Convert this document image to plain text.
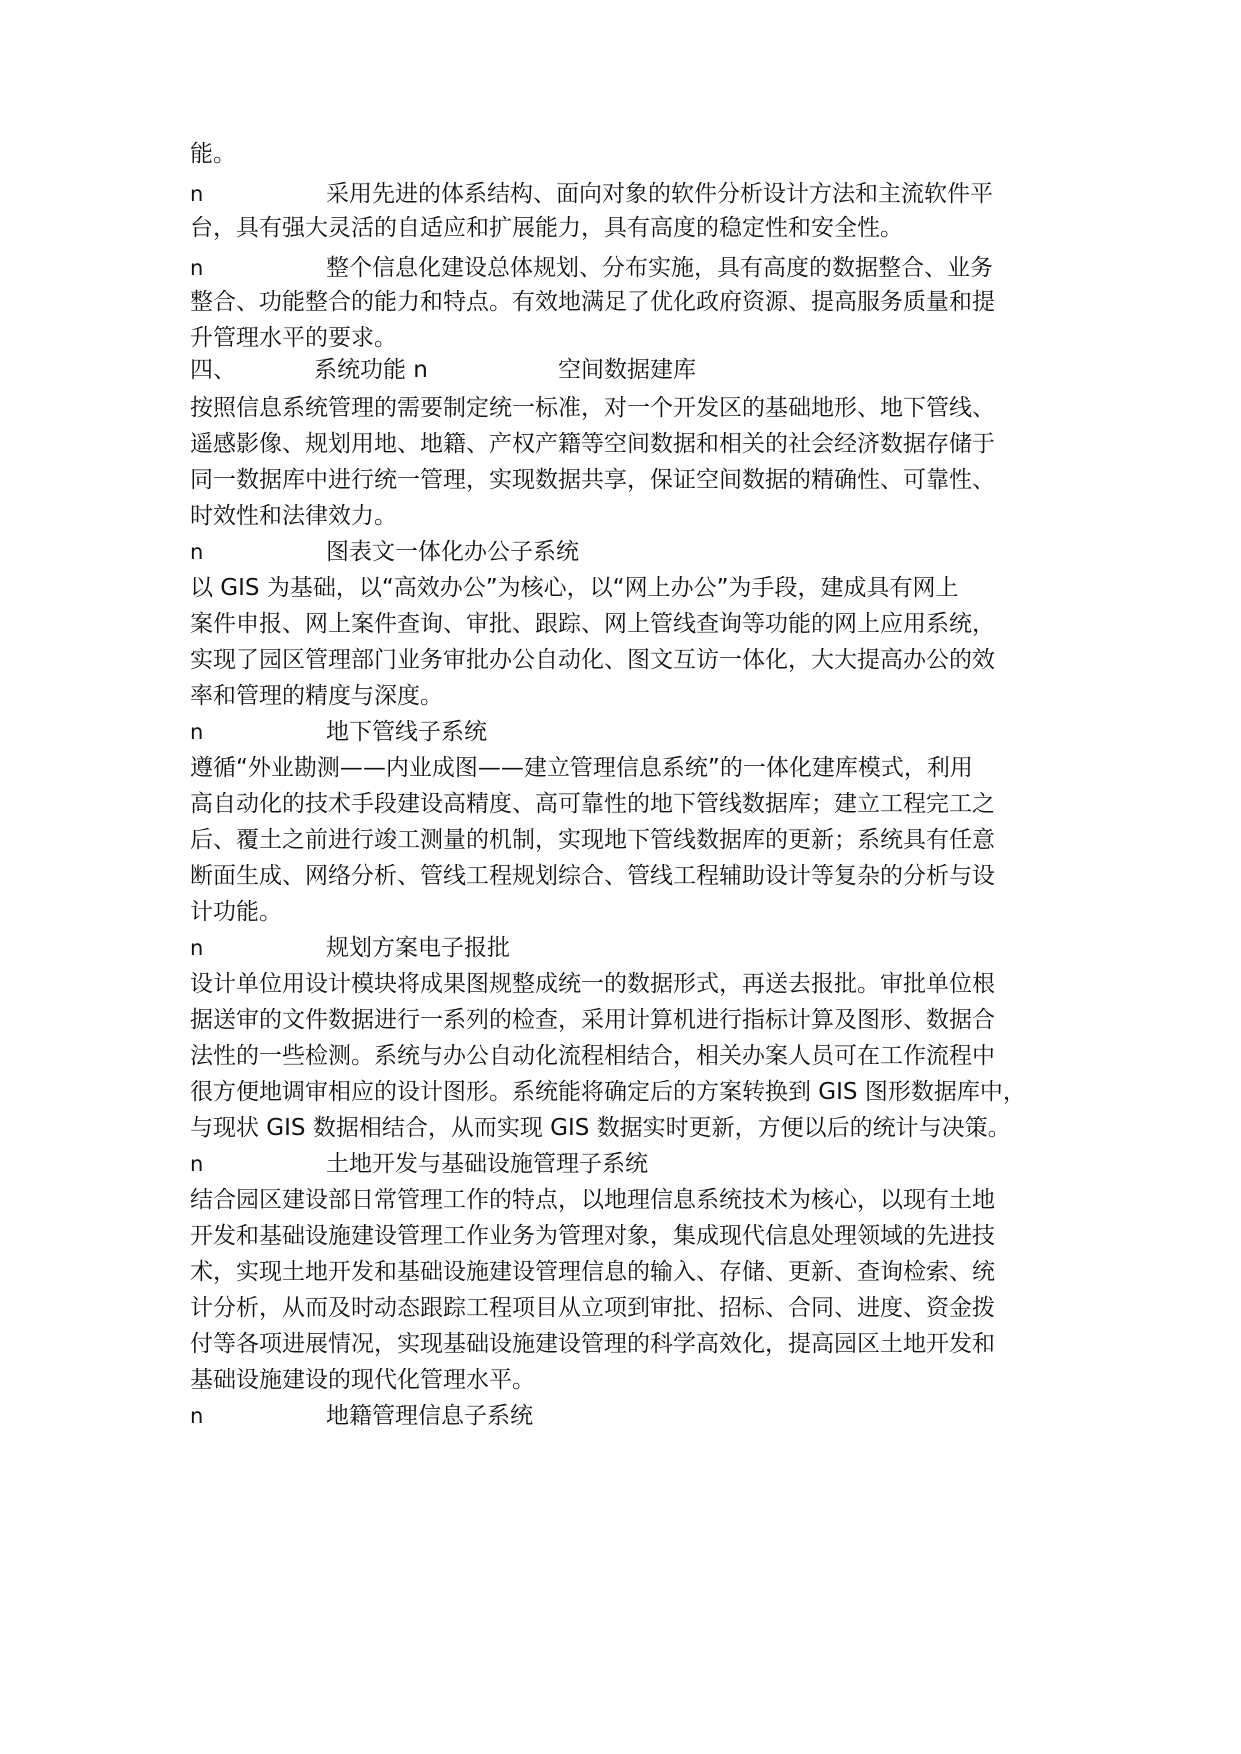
能。
n	采用先进的体系结构、面向对象的软件分析设计方法和主流软件平
台，具有强大灵活的自适应和扩展能力，具有高度的稳定性和安全性。
n	整个信息化建设总体规划、分布实施，具有高度的数据整合、业务
整合、功能整合的能力和特点。有效地满足了优化政府资源、提高服务质量和提
升管理水平的要求。
四、	系统功能 n	空间数据建库
按照信息系统管理的需要制定统一标准，对一个开发区的基础地形、地下管线、
遥感影像、规划用地、地籍、产权产籍等空间数据和相关的社会经济数据存储于
同一数据库中进行统一管理，实现数据共享，保证空间数据的精确性、可靠性、
时效性和法律效力。
n	图表文一体化办公子系统
以 GIS 为基础，以“高效办公”为核心，以“网上办公”为手段，建成具有网上
案件申报、网上案件查询、审批、跟踪、网上管线查询等功能的网上应用系统，
实现了园区管理部门业务审批办公自动化、图文互访一体化，大大提高办公的效
率和管理的精度与深度。
n	地下管线子系统
遵循“外业勘测——内业成图——建立管理信息系统”的一体化建库模式，利用
高自动化的技术手段建设高精度、高可靠性的地下管线数据库；建立工程完工之
后、覆土之前进行竣工测量的机制，实现地下管线数据库的更新；系统具有任意
断面生成、网络分析、管线工程规划综合、管线工程辅助设计等复杂的分析与设
计功能。
n	规划方案电子报批
设计单位用设计模块将成果图规整成统一的数据形式，再送去报批。审批单位根
据送审的文件数据进行一系列的检查，采用计算机进行指标计算及图形、数据合
法性的一些检测。系统与办公自动化流程相结合，相关办案人员可在工作流程中
很方便地调审相应的设计图形。系统能将确定后的方案转换到 GIS 图形数据库中，
与现状 GIS 数据相结合，从而实现 GIS 数据实时更新，方便以后的统计与决策。
n	土地开发与基础设施管理子系统
结合园区建设部日常管理工作的特点，以地理信息系统技术为核心，以现有土地
开发和基础设施建设管理工作业务为管理对象，集成现代信息处理领域的先进技
术，实现土地开发和基础设施建设管理信息的输入、存储、更新、查询检索、统
计分析，从而及时动态跟踪工程项目从立项到审批、招标、合同、进度、资金拨
付等各项进展情况，实现基础设施建设管理的科学高效化，提高园区土地开发和
基础设施建设的现代化管理水平。
n	地籍管理信息子系统
